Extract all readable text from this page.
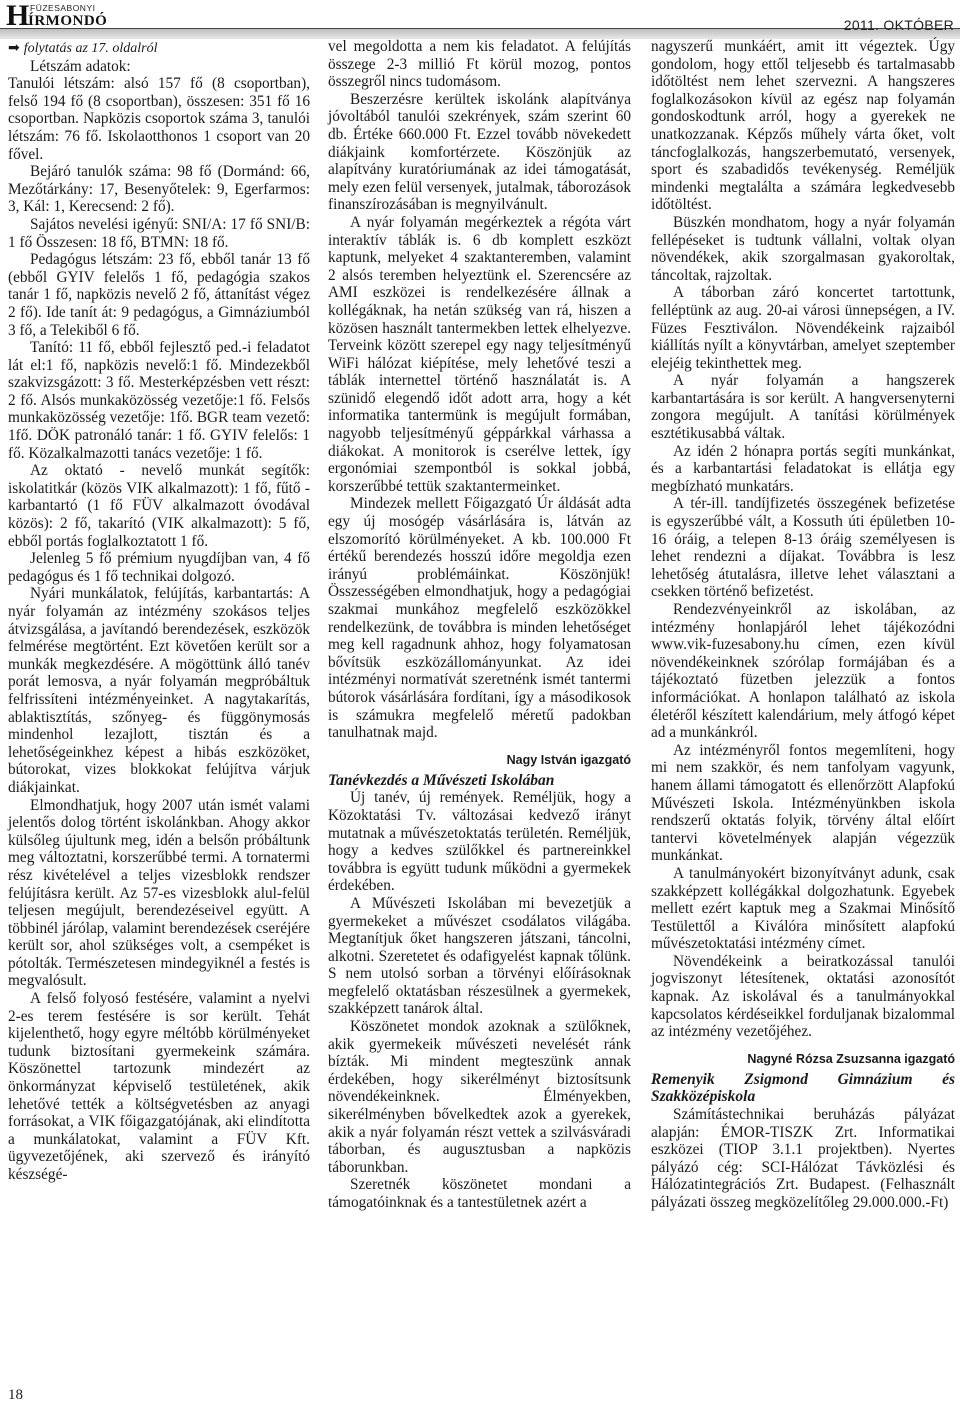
H FÜZESABONYI
ÍRMONDÓ	2011. OKTÓBER

➡ folytatás az 17. oldalról

Létszám adatok:

Tanulói létszám: alsó 157 fő (8 csoportban), felső 194 fő (8 csoportban), összesen: 351 fő 16 csoportban. Napközis csoportok száma 3, tanulói létszám: 76 fő. Iskolaotthonos 1 csoport van 20 fővel.

Bejáró tanulók száma: 98 fő (Dormánd: 66, Mezőtárkány: 17, Besenyőtelek: 9, Egerfarmos: 3, Kál: 1, Kerecsend: 2 fő).

Sajátos nevelési igényű: SNI/A: 17 fő SNI/B: 1 fő Összesen: 18 fő, BTMN: 18 fő.

Pedagógus létszám: 23 fő, ebből tanár 13 fő (ebből GYIV felelős 1 fő, pedagógia szakos tanár 1 fő, napközis nevelő 2 fő, áttanítást végez 2 fő). Ide tanít át: 9 pedagógus, a Gimnáziumból 3 fő, a Telekiből 6 fő.

Tanító: 11 fő, ebből fejlesztő ped.-i feladatot lát el:1 fő, napközis nevelő:1 fő. Mindezekből szakvizsgázott: 3 fő. Mesterképzésben vett részt: 2 fő. Alsós munkaközösség vezetője:1 fő. Felsős munkaközösség vezetője: 1fő. BGR team vezető: 1fő. DÖK patronáló tanár: 1 fő. GYIV felelős: 1 fő. Közalkalmazotti tanács vezetője: 1 fő.

Az oktató - nevelő munkát segítők: iskolatitkár (közös VIK alkalmazott): 1 fő, fűtő - karbantartó (1 fő FÜV alkalmazott óvodával közös): 2 fő, takarító (VIK alkalmazott): 5 fő, ebből portás foglalkoztatott 1 fő.

Jelenleg 5 fő prémium nyugdíjban van, 4 fő pedagógus és 1 fő technikai dolgozó.

Nyári munkálatok, felújítás, karbantartás: A nyár folyamán az intézmény szokásos teljes átvizsgálása, a javítandó berendezések, eszközök felmérése megtörtént. Ezt követően került sor a munkák megkezdésére. A mögöttünk álló tanév porát lemosva, a nyár folyamán megpróbáltuk felfrissíteni intézményeinket. A nagytakarítás, ablaktisztítás, szőnyeg- és függönymosás mindenhol lezajlott, tisztán és a lehetőségeinkhez képest a hibás eszközöket, bútorokat, vizes blokkokat felújítva várjuk diákjainkat.

Elmondhatjuk, hogy 2007 után ismét valami jelentős dolog történt iskolánkban. Ahogy akkor külsőleg újultunk meg, idén a belsőn próbáltunk meg változtatni, korszerűbbé termi. A tornatermi rész kivételével a teljes vizesblokk rendszer felújításra került. Az 57-es vizesblokk alul-felül teljesen megújult, berendezéseivel együtt. A többinél járólap, valamint berendezések cseréjére került sor, ahol szükséges volt, a csempéket is pótolták. Természetesen mindegyiknél a festés is megvalósult.

A felső folyosó festésére, valamint a nyelvi 2-es terem festésére is sor került. Tehát kijelenthető, hogy egyre méltóbb körülményeket tudunk biztosítani gyermekeink számára. Köszönettel tartozunk mindezért az önkormányzat képviselő testületének, akik lehetővé tették a költségvetésben az anyagi forrásokat, a VIK főigazgatójának, aki elindította a munkálatokat, valamint a FÜV Kft. ügyvezetőjének, aki szervező és irányító készségé-

vel megoldotta a nem kis feladatot. A felújítás összege 2-3 millió Ft körül mozog, pontos összegről nincs tudomásom.

Beszerzésre kerültek iskolánk alapítványa jóvoltából tanulói szekrények, szám szerint 60 db. Értéke 660.000 Ft. Ezzel tovább növekedett diákjaink komfortérzete. Köszönjük az alapítvány kuratóriumának az idei támogatását, mely ezen felül versenyek, jutalmak, táborozások finanszírozásában is megnyilvánult.

A nyár folyamán megérkeztek a régóta várt interaktív táblák is. 6 db komplett eszközt kaptunk, melyeket 4 szaktanteremben, valamint 2 alsós teremben helyeztünk el. Szerencsére az AMI eszközei is rendelkezésére állnak a kollégáknak, ha netán szükség van rá, hiszen a közösen használt tantermekben lettek elhelyezve. Terveink között szerepel egy nagy teljesítményű WiFi hálózat kiépítése, mely lehetővé teszi a táblák internettel történő használatát is. A szünidő elegendő időt adott arra, hogy a két informatika tantermünk is megújult formában, nagyobb teljesítményű géppárkkal várhassa a diákokat. A monitorok is cserélve lettek, így ergonómiai szempontból is sokkal jobbá, korszerűbbé tettük szaktantermeinket.

Mindezek mellett Főigazgató Úr áldását adta egy új mosógép vásárlására is, látván az elszomorító körülményeket. A kb. 100.000 Ft értékű berendezés hosszú időre megoldja ezen irányú problémáinkat. Köszönjük! Összességében elmondhatjuk, hogy a pedagógiai szakmai munkához megfelelő eszközökkel rendelkezünk, de továbbra is minden lehetőséget meg kell ragadnunk ahhoz, hogy folyamatosan bővítsük eszközállományunkat. Az idei intézményi normatívát szeretnénk ismét tantermi bútorok vásárlására fordítani, így a másodikosok is számukra megfelelő méretű padokban tanulhatnak majd.

Nagy István igazgató

Tanévkezdés a Művészeti Iskolában

Új tanév, új remények. Reméljük, hogy a Közoktatási Tv. változásai kedvező irányt mutatnak a művészetoktatás területén. Reméljük, hogy a kedves szülőkkel és partnereinkkel továbbra is együtt tudunk működni a gyermekek érdekében.

A Művészeti Iskolában mi bevezetjük a gyermekeket a művészet csodálatos világába. Megtanítjuk őket hangszeren játszani, táncolni, alkotni. Szeretetet és odafigyelést kapnak tőlünk. S nem utolsó sorban a törvényi előírásoknak megfelelő oktatásban részesülnek a gyermekek, szakképzett tanárok által.

Köszönetet mondok azoknak a szülőknek, akik gyermekeik művészeti nevelését ránk bízták. Mi mindent megteszünk annak érdekében, hogy sikerélményt biztosítsunk növendékeinknek. Élményekben, sikerélményben bővelkedtek azok a gyerekek, akik a nyár folyamán részt vettek a szilvásváradi táborban, és augusztusban a napközis táborunkban.

Szeretnék köszönetet mondani a támogatóinknak és a tantestületnek azért a

nagyszerű munkáért, amit itt végeztek. Úgy gondolom, hogy ettől teljesebb és tartalmasabb időtöltést nem lehet szervezni. A hangszeres foglalkozásokon kívül az egész nap folyamán gondoskodtunk arról, hogy a gyerekek ne unatkozzanak. Képzős műhely várta őket, volt táncfoglalkozás, hangszerbemutató, versenyek, sport és szabadidős tevékenység. Reméljük mindenki megtalálta a számára legkedvesebb időtöltést.

Büszkén mondhatom, hogy a nyár folyamán fellépéseket is tudtunk vállalni, voltak olyan növendékek, akik szorgalmasan gyakoroltak, táncoltak, rajzoltak.

A táborban záró koncertet tartottunk, felléptünk az aug. 20-ai városi ünnepségen, a IV. Füzes Fesztiválon. Növendékeink rajzaiból kiállítás nyílt a könyvtárban, amelyet szeptember elejéig tekinthettek meg.

A nyár folyamán a hangszerek karbantartására is sor került. A hangversenyterni zongora megújult. A tanítási körülmények esztétikusabbá váltak.

Az idén 2 hónapra portás segíti munkánkat, és a karbantartási feladatokat is ellátja egy megbízható munkatárs.

A tér-ill. tandíjfizetés összegének befizetése is egyszerűbbé vált, a Kossuth úti épületben 10-16 óráig, a telepen 8-13 óráig személyesen is lehet rendezni a díjakat. Továbbra is lesz lehetőség átutalásra, illetve lehet választani a csekken történő befizetést.

Rendezvényeinkről az iskolában, az intézmény honlapjáról lehet tájékozódni www.vik-fuzesabony.hu címen, ezen kívül növendékeinknek szórólap formájában és a tájékoztató füzetben jelezzük a fontos információkat. A honlapon található az iskola életéről készített kalendárium, mely átfogó képet ad a munkánkról.

Az intézményről fontos megemlíteni, hogy mi nem szakkör, és nem tanfolyam vagyunk, hanem állami támogatott és ellenőrzött Alapfokú Művészeti Iskola. Intézményünkben iskola rendszerű oktatás folyik, törvény által előírt tantervi követelmények alapján végezzük munkánkat.

A tanulmányokért bizonyítványt adunk, csak szakképzett kollégákkal dolgozhatunk. Egyebek mellett ezért kaptuk meg a Szakmai Minősítő Testülettől a Kiválóra minősített alapfokú művészetoktatási intézmény címet.

Növendékeink a beiratkozással tanulói jogviszonyt létesítenek, oktatási azonosítót kapnak. Az iskolával és a tanulmányokkal kapcsolatos kérdéseikkel forduljanak bizalommal az intézmény vezetőjéhez.

Nagyné Rózsa Zsuzsanna igazgató

Remenyik Zsigmond Gimnázium és Szakközépiskola

Számítástechnikai beruházás pályázat alapján: ÉMOR-TISZK Zrt. Informatikai eszközei (TIOP 3.1.1 projektben). Nyertes pályázó cég: SCI-Hálózat Távközlési és Hálózatintegrációs Zrt. Budapest. (Felhasznált pályázati összeg megközelítőleg 29.000.000.-Ft)

18
